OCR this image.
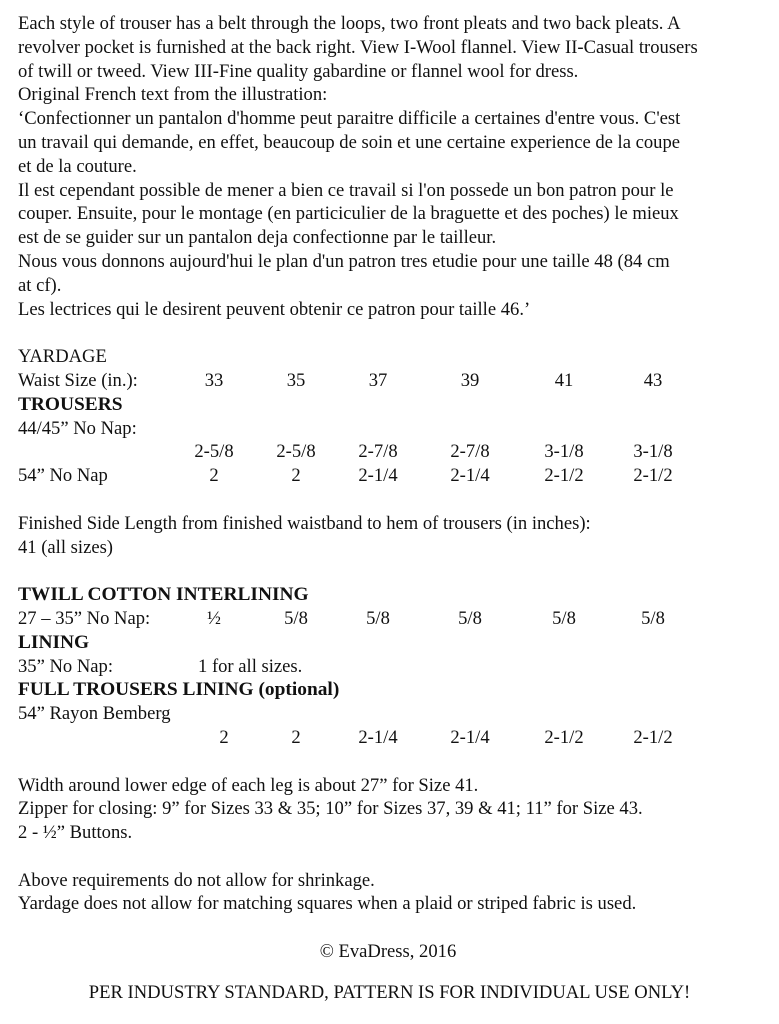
Each style of trouser has a belt through the loops, two front pleats and two back pleats. A

revolver pocket is furnished at the back right. View I-Wool flannel. View II-Casual trousers

of twill or tweed. View III-Fine quality gabardine or flannel wool for dress.

Original French text from the illustration:

‘Confectionner un pantalon d'homme peut paraitre difficile a certaines d'entre vous. C'est

un travail qui demande, en effet, beaucoup de soin et une certaine experience de la coupe

et de la couture.

Il est cependant possible de mener a bien ce travail si l'on possede un bon patron pour le

couper. Ensuite, pour le montage (en particiculier de la braguette et des poches) le mieux

est de se guider sur un pantalon deja confectionne par le tailleur.

Nous vous donnons aujourd'hui le plan d'un patron tres etudie pour une taille 48 (84 cm

at cf).

Les lectrices qui le desirent peuvent obtenir ce patron pour taille 46.’

YARDAGE

Waist Size (in.):	33	35	37	39	41	43

TROUSERS

44/45” No Nap:

2-5/8	2-5/8	2-7/8	2-7/8	3-1/8	3-1/8
54” No Nap	2	2	2-1/4	2-1/4	2-1/2	2-1/2

Finished Side Length from finished waistband to hem of trousers (in inches):

41 (all sizes)

TWILL COTTON INTERLINING

27 – 35” No Nap:	½	5/8	5/8	5/8	5/8	5/8

LINING

35” No Nap:	1 for all sizes.

FULL TROUSERS LINING (optional)

54” Rayon Bemberg

2	2	2-1/4	2-1/4	2-1/2	2-1/2

Width around lower edge of each leg is about 27” for Size 41.

Zipper for closing: 9” for Sizes 33 & 35; 10” for Sizes 37, 39 & 41; 11” for Size 43.

2 - ½” Buttons.

Above requirements do not allow for shrinkage.

Yardage does not allow for matching squares when a plaid or striped fabric is used.

© EvaDress, 2016

PER INDUSTRY STANDARD, PATTERN IS FOR INDIVIDUAL USE ONLY!
